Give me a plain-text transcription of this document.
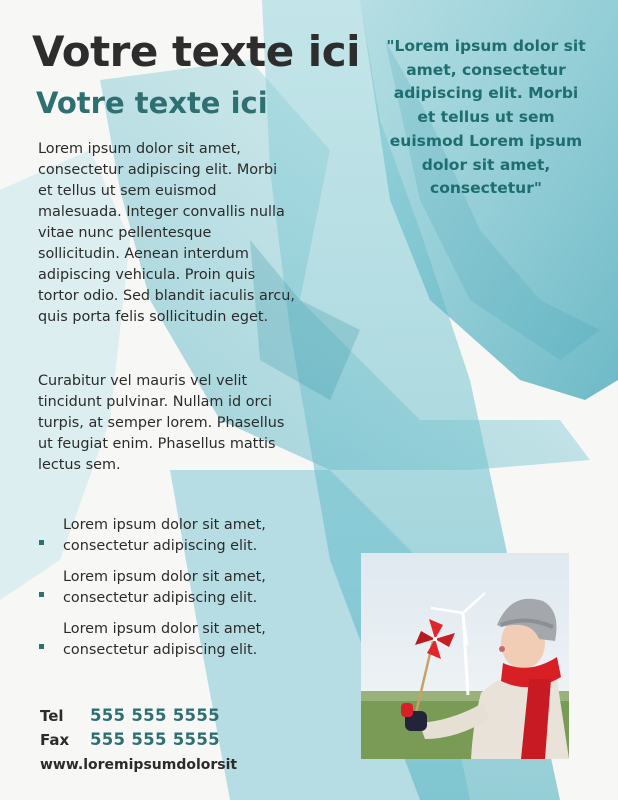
Votre texte ici
Votre texte ici

Lorem ipsum dolor sit amet, consectetur adipiscing elit. Morbi et tellus ut sem euismod malesuada. Integer convallis nulla vitae nunc pellentesque sollicitudin. Aenean interdum adipiscing vehicula. Proin quis tortor odio. Sed blandit iaculis arcu, quis porta felis sollicitudin eget.

Curabitur vel mauris vel velit tincidunt pulvinar. Nullam id orci turpis, at semper lorem. Phasellus ut feugiat enim. Phasellus mattis lectus sem.

"Lorem ipsum dolor sit amet, consectetur adipiscing elit. Morbi et tellus ut sem euismod Lorem ipsum dolor sit amet, consectetur"
Lorem ipsum dolor sit amet, consectetur adipiscing elit.
Lorem ipsum dolor sit amet, consectetur adipiscing elit.
Lorem ipsum dolor sit amet, consectetur adipiscing elit.
Tel	555 555 5555
Fax	555 555 5555
www.loremipsumdolorsit
